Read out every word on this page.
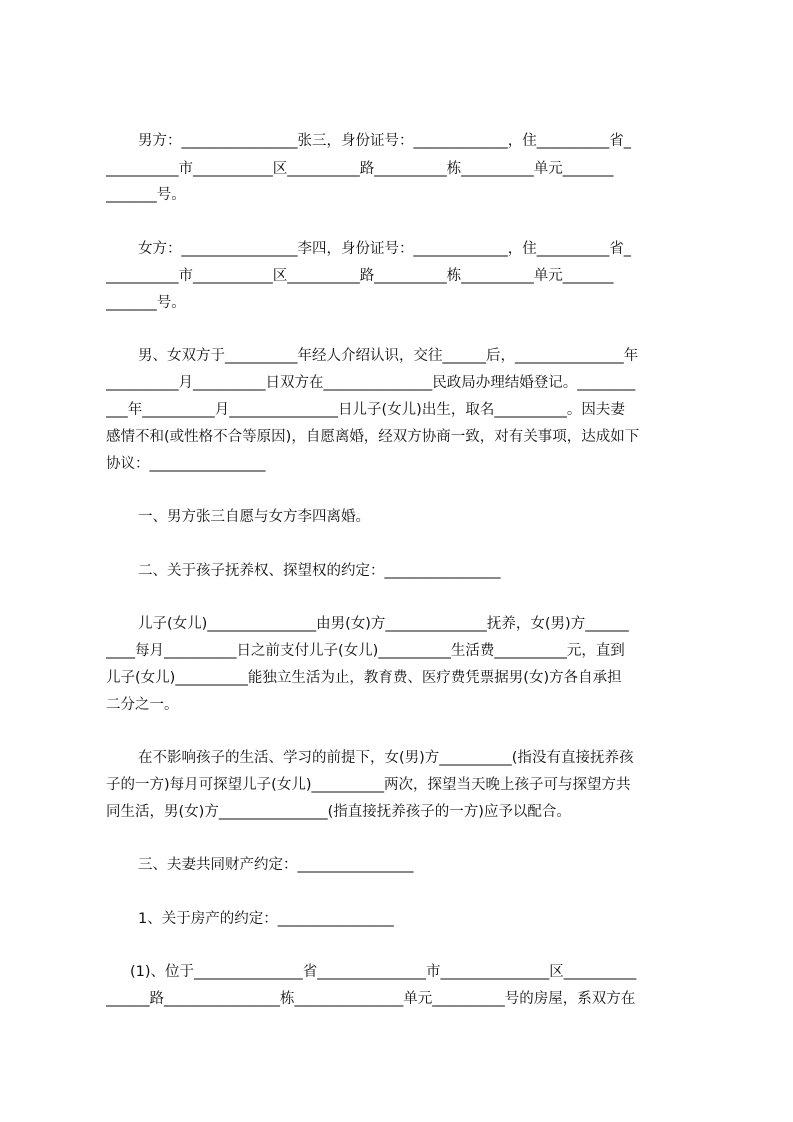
男方：________________张三，身份证号：_____________，住__________省_
__________市___________区__________路__________栋__________单元_______
_______号。
女方：________________李四，身份证号：_____________，住__________省_
__________市___________区__________路__________栋__________单元_______
_______号。
男、女双方于__________年经人介绍认识，交往______后，_______________年
__________月__________日双方在_______________民政局办理结婚登记。________
___年__________月_______________日儿子(女儿)出生，取名__________。因夫妻
感情不和(或性格不合等原因)，自愿离婚，经双方协商一致，对有关事项，达成如下
协议：________________
一、男方张三自愿与女方李四离婚。
二、关于孩子抚养权、探望权的约定：________________
儿子(女儿)_______________由男(女)方______________抚养，女(男)方______
____每月__________日之前支付儿子(女儿)__________生活费__________元，直到
儿子(女儿)__________能独立生活为止，教育费、医疗费凭票据男(女)方各自承担
二分之一。
在不影响孩子的生活、学习的前提下，女(男)方__________(指没有直接抚养孩
子的一方)每月可探望儿子(女儿)__________两次，探望当天晚上孩子可与探望方共
同生活，男(女)方_______________(指直接抚养孩子的一方)应予以配合。
三、夫妻共同财产约定：________________
1、关于房产的约定：________________
(1)、位于_______________省_______________市_______________区__________
______路________________栋_______________单元__________号的房屋，系双方在
